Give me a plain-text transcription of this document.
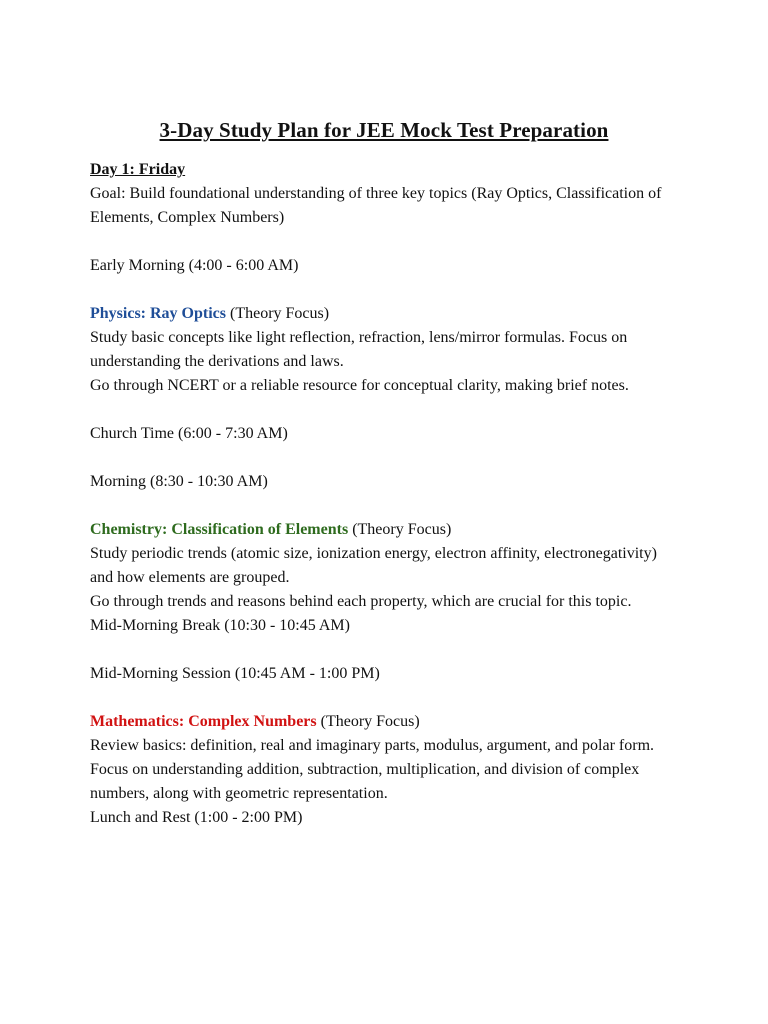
3-Day Study Plan for JEE Mock Test Preparation

Day 1: Friday

Goal: Build foundational understanding of three key topics (Ray Optics, Classification of Elements, Complex Numbers)

Early Morning (4:00 - 6:00 AM)

Physics: Ray Optics (Theory Focus)

Study basic concepts like light reflection, refraction, lens/mirror formulas. Focus on understanding the derivations and laws.

Go through NCERT or a reliable resource for conceptual clarity, making brief notes.

Church Time (6:00 - 7:30 AM)

Morning (8:30 - 10:30 AM)

Chemistry: Classification of Elements (Theory Focus)

Study periodic trends (atomic size, ionization energy, electron affinity, electronegativity) and how elements are grouped.

Go through trends and reasons behind each property, which are crucial for this topic.

Mid-Morning Break (10:30 - 10:45 AM)

Mid-Morning Session (10:45 AM - 1:00 PM)

Mathematics: Complex Numbers (Theory Focus)

Review basics: definition, real and imaginary parts, modulus, argument, and polar form.

Focus on understanding addition, subtraction, multiplication, and division of complex numbers, along with geometric representation.

Lunch and Rest (1:00 - 2:00 PM)
